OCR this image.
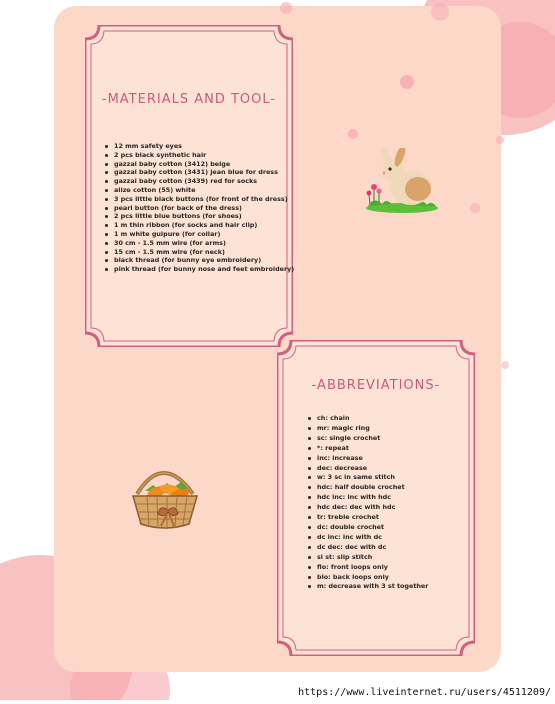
-MATERIALS AND TOOL-
12 mm safety eyes
2 pcs black synthetic hair
gazzal baby cotton (3412) beige
gazzal baby cotton (3431) jean blue for dress
gazzal baby cotton (3439) red for socks
alize cotton (55) white
3 pcs little black buttons (for front of the dress)
pearl button (for back of the dress)
2 pcs little blue buttons (for shoes)
1 m thin ribbon (for socks and hair clip)
1 m white guipure (for collar)
30 cm - 1.5 mm wire (for arms)
15 cm - 1.5 mm wire (for neck)
black thread (for bunny eye embroidery)
pink thread (for bunny nose and feet embroidery)
-ABBREVIATIONS-
ch: chain
mr: magic ring
sc: single crochet
*: repeat
inc: increase
dec: decrease
w: 3 sc in same stitch
hdc: half double crochet
hdc inc: inc with hdc
hdc dec: dec with hdc
tr: treble crochet
dc: double crochet
dc inc: inc with dc
dc dec: dec with dc
sl st: slip stitch
flo: front loops only
blo: back loops only
m: decrease with 3 st together
https://www.liveinternet.ru/users/4511209/
